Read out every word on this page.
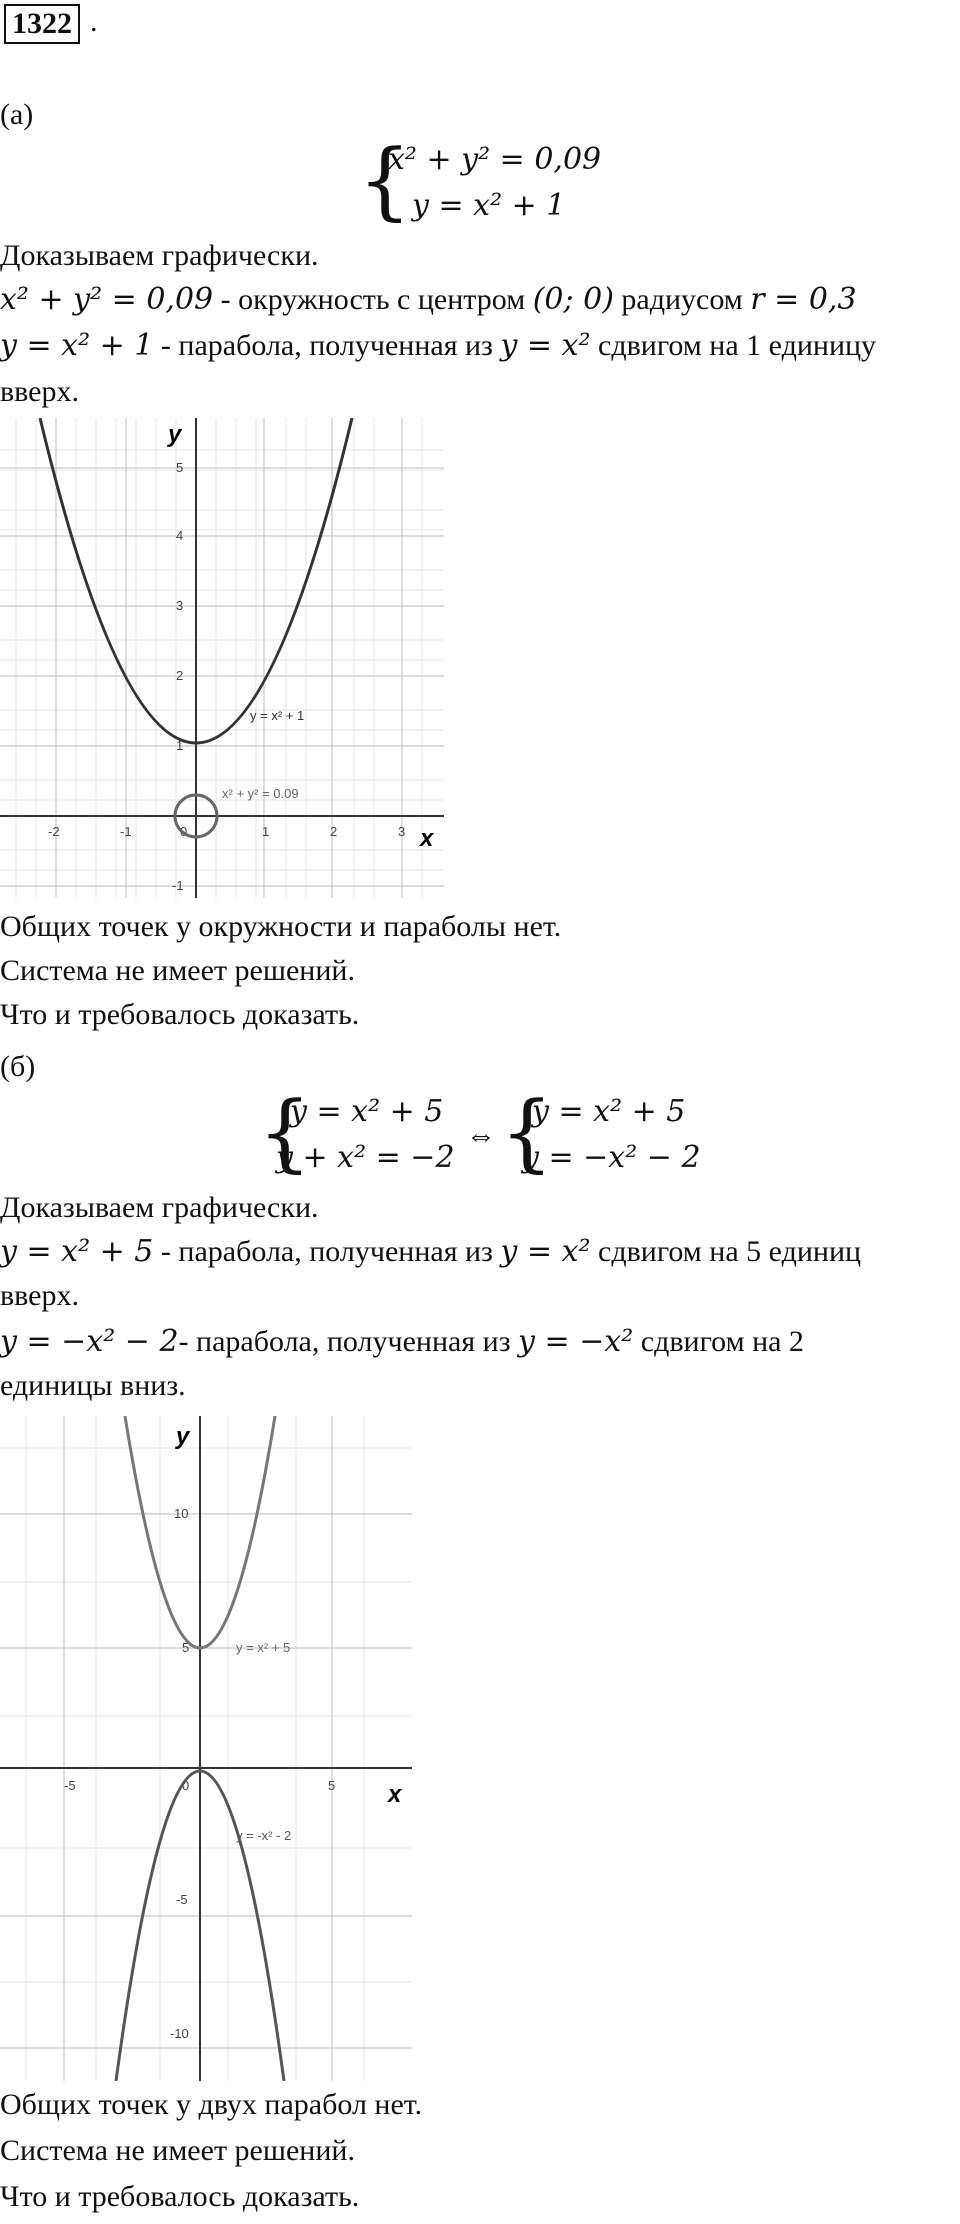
1322 .
(а)
{
x² + y² = 0,09
y = x² + 1
Доказываем графически.
x² + y² = 0,09 - окружность с центром (0; 0) радиусом r = 0,3
y = x² + 1 - парабола, полученная из y = x² сдвигом на 1 единицу
вверх.
y
x
-2	-1	0	1	2	3
5
4
3
2
1
-1
y = x² + 1
x² + y² = 0.09
Общих точек у окружности и параболы нет.
Система не имеет решений.
Что и требовалось доказать.
(б)
{
y = x² + 5
y + x² = −2
⇔ {
y = x² + 5
y = −x² − 2
Доказываем графически.
y = x² + 5 - парабола, полученная из y = x² сдвигом на 5 единиц
вверх.
y = −x² − 2- парабола, полученная из y = −x² сдвигом на 2
единицы вниз.
y
x
-5	0	5
10
5
-5
-10
y = x² + 5
y = -x² - 2
Общих точек у двух парабол нет.
Система не имеет решений.
Что и требовалось доказать.
